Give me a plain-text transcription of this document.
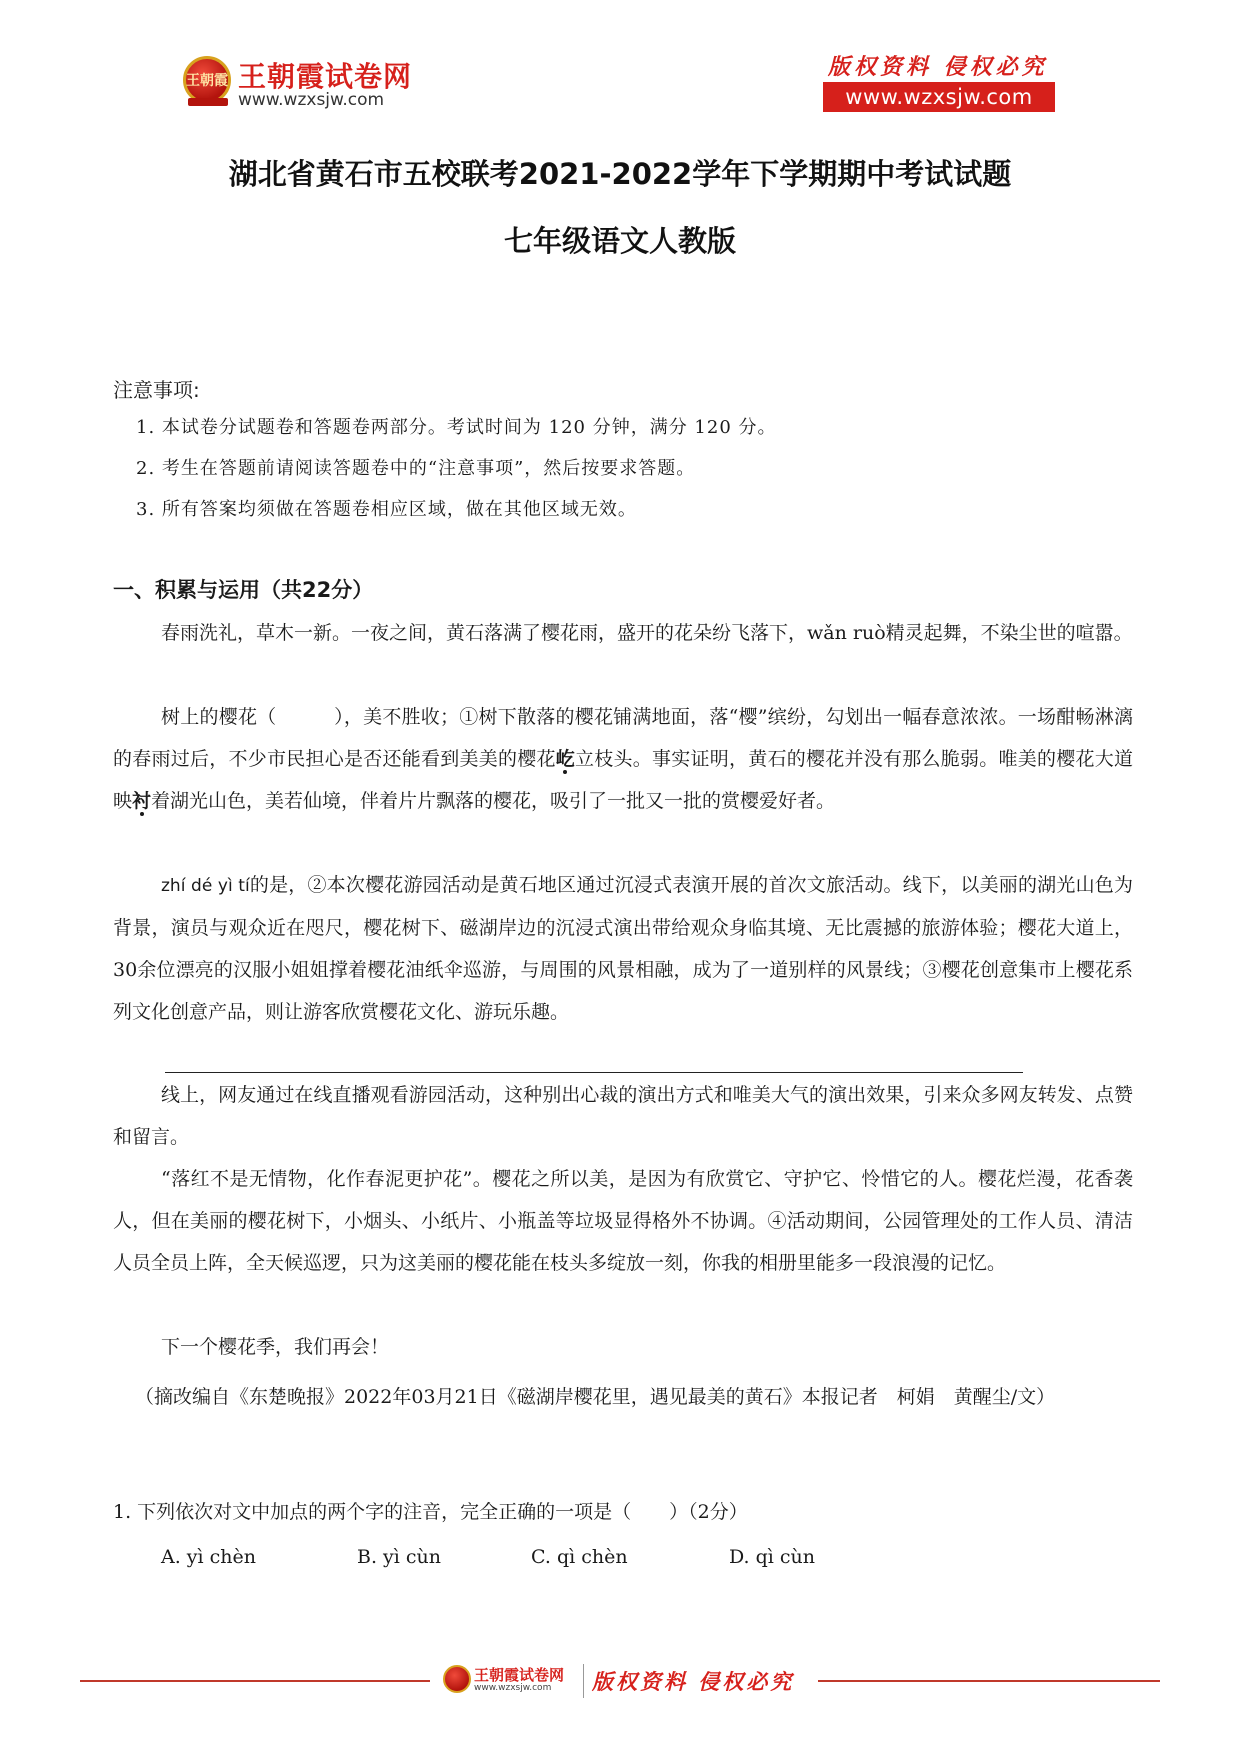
王朝霞 王朝霞试卷网
www.wzxsjw.com
版权资料 侵权必究
www.wzxsjw.com
湖北省黄石市五校联考2021-2022学年下学期期中考试试题
七年级语文人教版
注意事项:
1. 本试卷分试题卷和答题卷两部分。考试时间为 120 分钟，满分 120 分。
2. 考生在答题前请阅读答题卷中的“注意事项”，然后按要求答题。
3. 所有答案均须做在答题卷相应区域，做在其他区域无效。
一、积累与运用（共22分）
春雨洗礼，草木一新。一夜之间，黄石落满了樱花雨，盛开的花朵纷飞落下，wǎn ruò精灵起舞，不染尘世的喧嚣。
树上的樱花（　　　），美不胜收；①树下散落的樱花铺满地面，落“樱”缤纷，勾划出一幅春意浓浓。一场酣畅淋漓的春雨过后，不少市民担心是否还能看到美美的樱花屹立枝头。事实证明，黄石的樱花并没有那么脆弱。唯美的樱花大道映衬着湖光山色，美若仙境，伴着片片飘落的樱花，吸引了一批又一批的赏樱爱好者。
zhí dé yì tí的是，②本次樱花游园活动是黄石地区通过沉浸式表演开展的首次文旅活动。线下，以美丽的湖光山色为背景，演员与观众近在咫尺，樱花树下、磁湖岸边的沉浸式演出带给观众身临其境、无比震撼的旅游体验；樱花大道上，30余位漂亮的汉服小姐姐撑着樱花油纸伞巡游，与周围的风景相融，成为了一道别样的风景线；③樱花创意集市上樱花系列文化创意产品，则让游客欣赏樱花文化、游玩乐趣。
线上，网友通过在线直播观看游园活动，这种别出心裁的演出方式和唯美大气的演出效果，引来众多网友转发、点赞和留言。
“落红不是无情物，化作春泥更护花”。樱花之所以美，是因为有欣赏它、守护它、怜惜它的人。樱花烂漫，花香袭人，但在美丽的樱花树下，小烟头、小纸片、小瓶盖等垃圾显得格外不协调。④活动期间，公园管理处的工作人员、清洁人员全员上阵，全天候巡逻，只为这美丽的樱花能在枝头多绽放一刻，你我的相册里能多一段浪漫的记忆。
下一个樱花季，我们再会！
（摘改编自《东楚晚报》2022年03月21日《磁湖岸樱花里，遇见最美的黄石》本报记者　柯娟　黄醒尘/文）
1. 下列依次对文中加点的两个字的注音，完全正确的一项是（　　）（2分）
A. yì chèn	B. yì cùn	C. qì chèn	D. qì cùn
王朝霞试卷网
www.wzxsjw.com 版权资料 侵权必究
